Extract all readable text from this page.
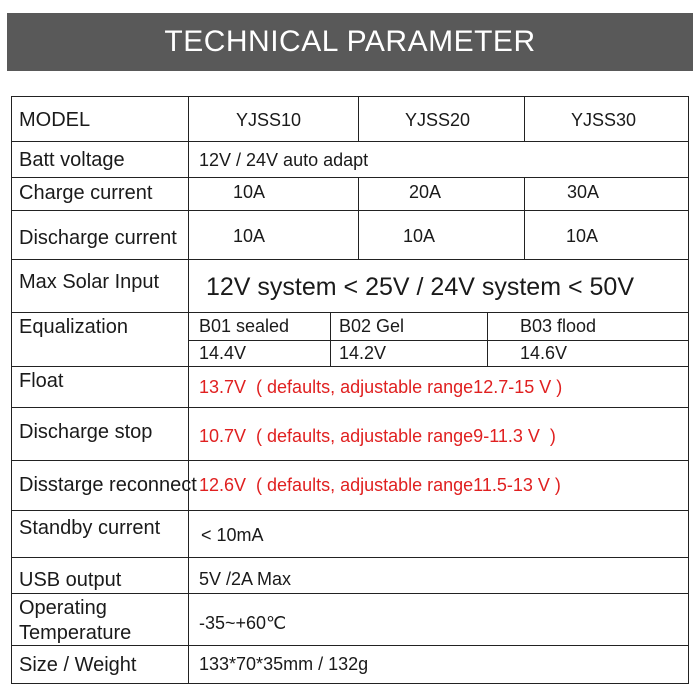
TECHNICAL PARAMETER
MODEL	YJSS10	YJSS20	YJSS30
Batt voltage	12V / 24V auto adapt
Charge current	10A	20A	30A
Discharge current	10A	10A	10A
Max Solar Input 12V system < 25V / 24V system < 50V
Equalization	B01 sealed	B02 Gel	B03 flood
14.4V	14.2V	14.6V
Float	13.7V  ( defaults, adjustable range12.7-15 V )
Discharge stop	10.7V  ( defaults, adjustable range9-11.3 V  )
Disstarge reconnect 12.6V  ( defaults, adjustable range11.5-13 V )
Standby current < 10mA
USB output	5V /2A Max
Operating
Temperature	-35~+60℃
Size / Weight	133*70*35mm / 132g
